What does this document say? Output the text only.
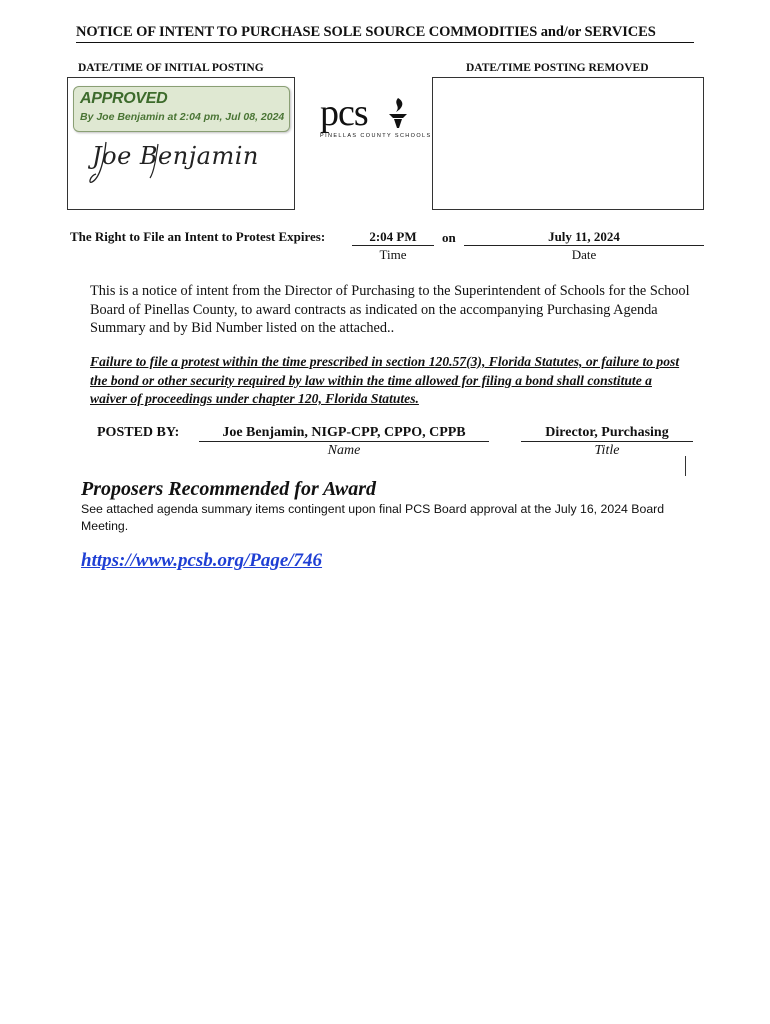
NOTICE OF INTENT TO PURCHASE SOLE SOURCE COMMODITIES and/or SERVICES
DATE/TIME OF INITIAL POSTING	DATE/TIME POSTING REMOVED
APPROVED
By Joe Benjamin at 2:04 pm, Jul 08, 2024
Joe Benjamin
pcs
PINELLAS COUNTY SCHOOLS
The Right to File an Intent to Protest Expires:	2:04 PM
Time
on	July 11, 2024
Date
This is a notice of intent from the Director of Purchasing to the Superintendent of Schools for the School Board of Pinellas County, to award contracts as indicated on the accompanying Purchasing Agenda Summary and by Bid Number listed on the attached..
Failure to file a protest within the time prescribed in section 120.57(3), Florida Statutes, or failure to post the bond or other security required by law within the time allowed for filing a bond shall constitute a waiver of proceedings under chapter 120, Florida Statutes.
POSTED BY:	Joe Benjamin, NIGP-CPP, CPPO, CPPB
Name
Director, Purchasing
Title
Proposers Recommended for Award
See attached agenda summary items contingent upon final PCS Board approval at the July 16, 2024 Board Meeting.
https://www.pcsb.org/Page/746
